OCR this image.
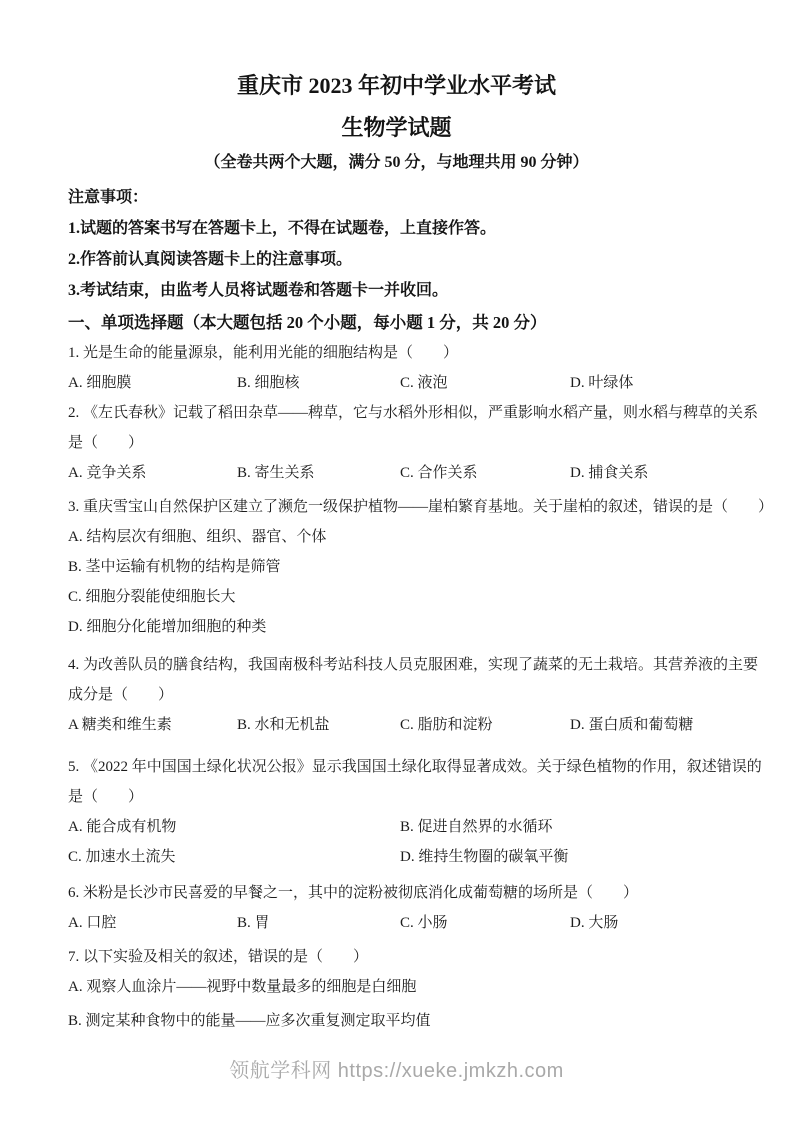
重庆市 2023 年初中学业水平考试
生物学试题
（全卷共两个大题，满分 50 分，与地理共用 90 分钟）
注意事项：
1.试题的答案书写在答题卡上，不得在试题卷，上直接作答。
2.作答前认真阅读答题卡上的注意事项。
3.考试结束，由监考人员将试题卷和答题卡一并收回。
一、单项选择题（本大题包括 20 个小题，每小题 1 分，共 20 分）
1. 光是生命的能量源泉，能利用光能的细胞结构是（　　）
A. 细胞膜	B. 细胞核	C. 液泡	D. 叶绿体
2. 《左氏春秋》记载了稻田杂草——稗草，它与水稻外形相似，严重影响水稻产量，则水稻与稗草的关系
是（　　）
A. 竞争关系	B. 寄生关系	C. 合作关系	D. 捕食关系
3. 重庆雪宝山自然保护区建立了濒危一级保护植物——崖柏繁育基地。关于崖柏的叙述，错误的是（　　）
A. 结构层次有细胞、组织、器官、个体
B. 茎中运输有机物的结构是筛管
C. 细胞分裂能使细胞长大
D. 细胞分化能增加细胞的种类
4. 为改善队员的膳食结构，我国南极科考站科技人员克服困难，实现了蔬菜的无土栽培。其营养液的主要
成分是（　　）
A 糖类和维生素	B. 水和无机盐	C. 脂肪和淀粉	D. 蛋白质和葡萄糖
5. 《2022 年中国国土绿化状况公报》显示我国国土绿化取得显著成效。关于绿色植物的作用，叙述错误的
是（　　）
A. 能合成有机物	B. 促进自然界的水循环
C. 加速水土流失	D. 维持生物圈的碳氧平衡
6. 米粉是长沙市民喜爱的早餐之一，其中的淀粉被彻底消化成葡萄糖的场所是（　　）
A. 口腔	B. 胃	C. 小肠	D. 大肠
7. 以下实验及相关的叙述，错误的是（　　）
A. 观察人血涂片——视野中数量最多的细胞是白细胞
B. 测定某种食物中的能量——应多次重复测定取平均值
领航学科网 https://xueke.jmkzh.com
